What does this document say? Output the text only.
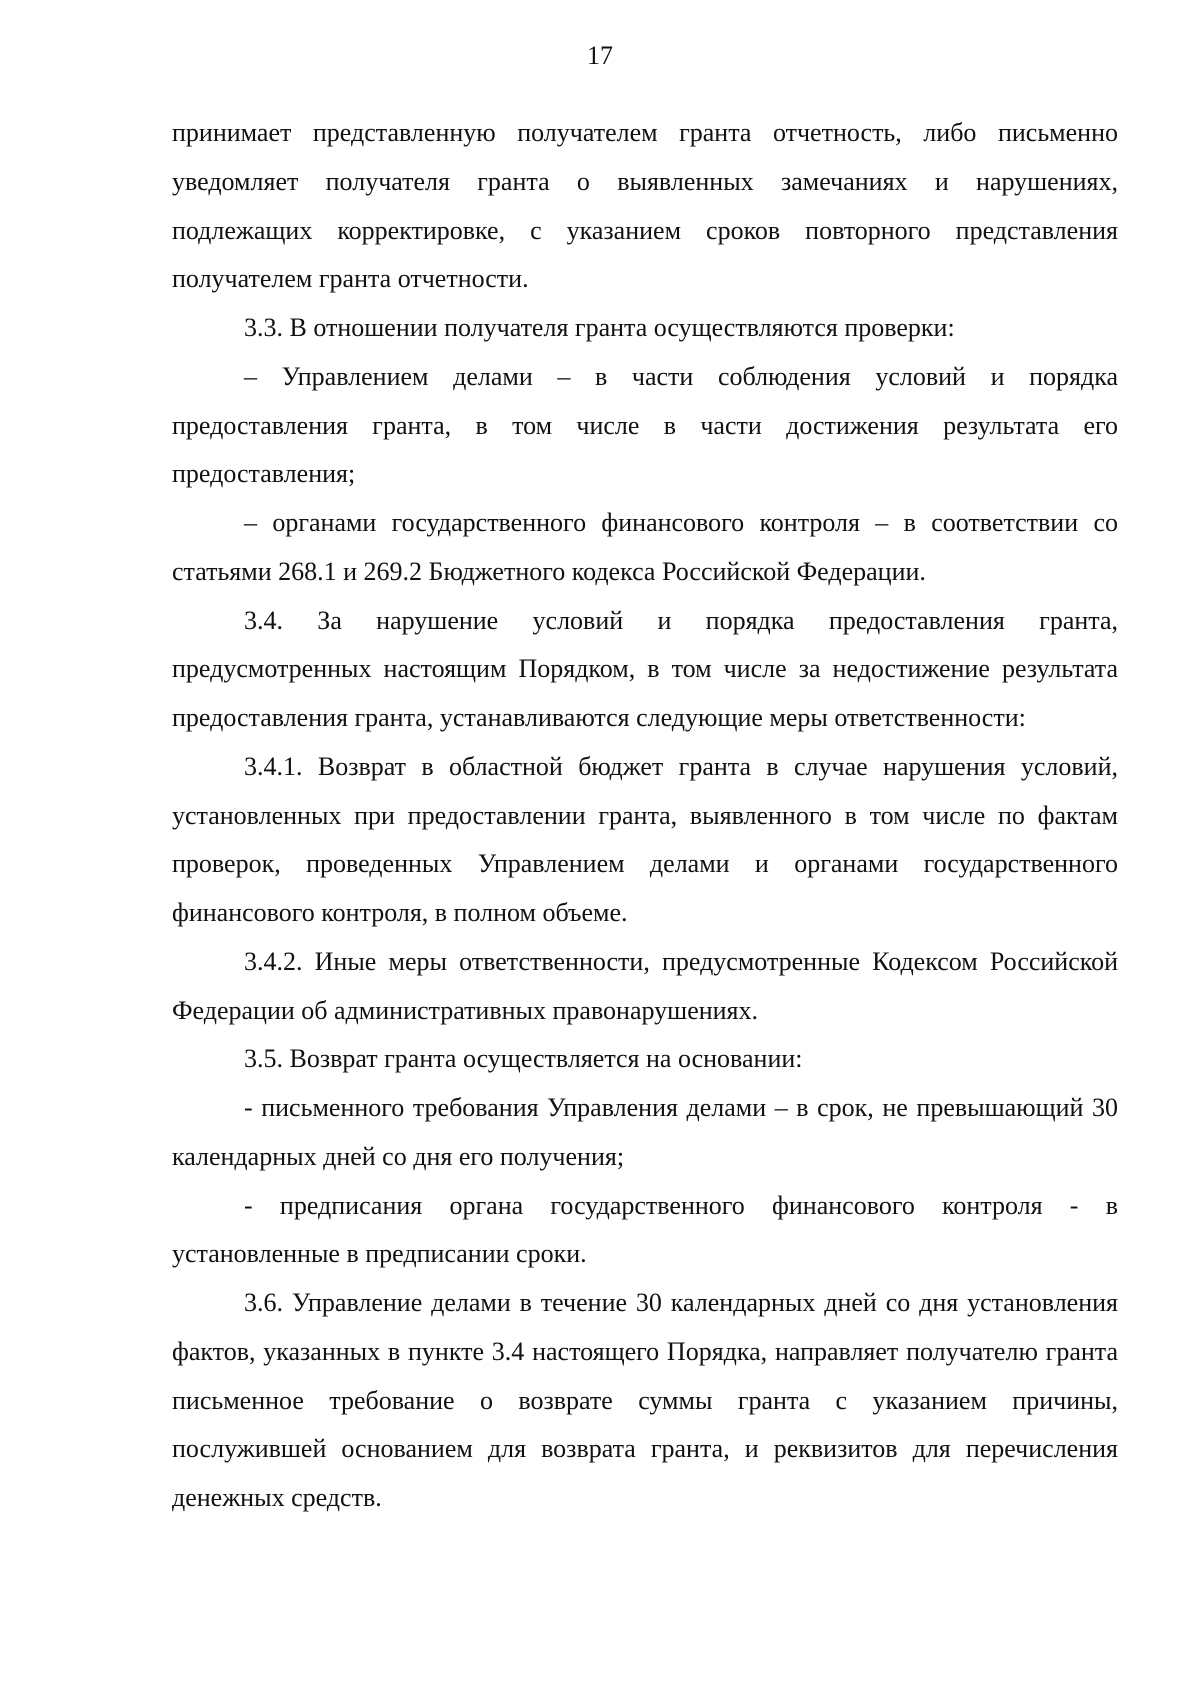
17

принимает представленную получателем гранта отчетность, либо письменно уведомляет получателя гранта о выявленных замечаниях и нарушениях, подлежащих корректировке, с указанием сроков повторного представления получателем гранта отчетности.

3.3. В отношении получателя гранта осуществляются проверки:

– Управлением делами – в части соблюдения условий и порядка предоставления гранта, в том числе в части достижения результата его предоставления;

– органами государственного финансового контроля – в соответствии со статьями 268.1 и 269.2 Бюджетного кодекса Российской Федерации.

3.4. За нарушение условий и порядка предоставления гранта, предусмотренных настоящим Порядком, в том числе за недостижение результата предоставления гранта, устанавливаются следующие меры ответственности:

3.4.1. Возврат в областной бюджет гранта в случае нарушения условий, установленных при предоставлении гранта, выявленного в том числе по фактам проверок, проведенных Управлением делами и органами государственного финансового контроля, в полном объеме.

3.4.2. Иные меры ответственности, предусмотренные Кодексом Российской Федерации об административных правонарушениях.

3.5. Возврат гранта осуществляется на основании:

- письменного требования Управления делами – в срок, не превышающий 30 календарных дней со дня его получения;

- предписания органа государственного финансового контроля - в установленные в предписании сроки.

3.6. Управление делами в течение 30 календарных дней со дня установления фактов, указанных в пункте 3.4 настоящего Порядка, направляет получателю гранта письменное требование о возврате суммы гранта с указанием причины, послужившей основанием для возврата гранта, и реквизитов для перечисления денежных средств.
